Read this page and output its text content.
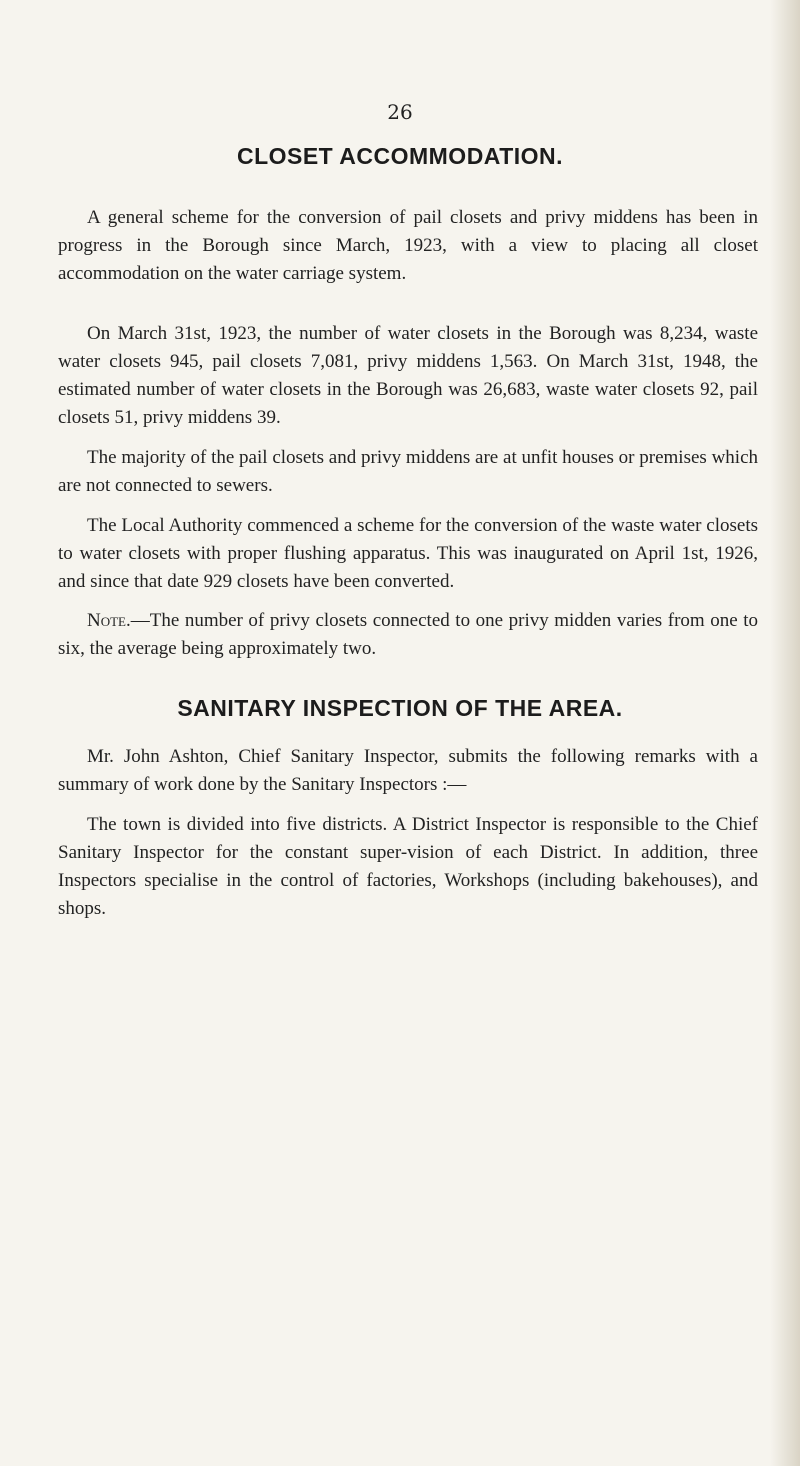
26
CLOSET ACCOMMODATION.

A general scheme for the conversion of pail closets and privy middens has been in progress in the Borough since March, 1923, with a view to placing all closet accommodation on the water carriage system.

On March 31st, 1923, the number of water closets in the Borough was 8,234, waste water closets 945, pail closets 7,081, privy middens 1,563. On March 31st, 1948, the estimated number of water closets in the Borough was 26,683, waste water closets 92, pail closets 51, privy middens 39.

The majority of the pail closets and privy middens are at unfit houses or premises which are not connected to sewers.

The Local Authority commenced a scheme for the conversion of the waste water closets to water closets with proper flushing apparatus. This was inaugurated on April 1st, 1926, and since that date 929 closets have been converted.

Note.—The number of privy closets connected to one privy midden varies from one to six, the average being approximately two.

SANITARY INSPECTION OF THE AREA.

Mr. John Ashton, Chief Sanitary Inspector, submits the following remarks with a summary of work done by the Sanitary Inspectors :—

The town is divided into five districts. A District Inspector is responsible to the Chief Sanitary Inspector for the constant super-vision of each District. In addition, three Inspectors specialise in the control of factories, Workshops (including bakehouses), and shops.
